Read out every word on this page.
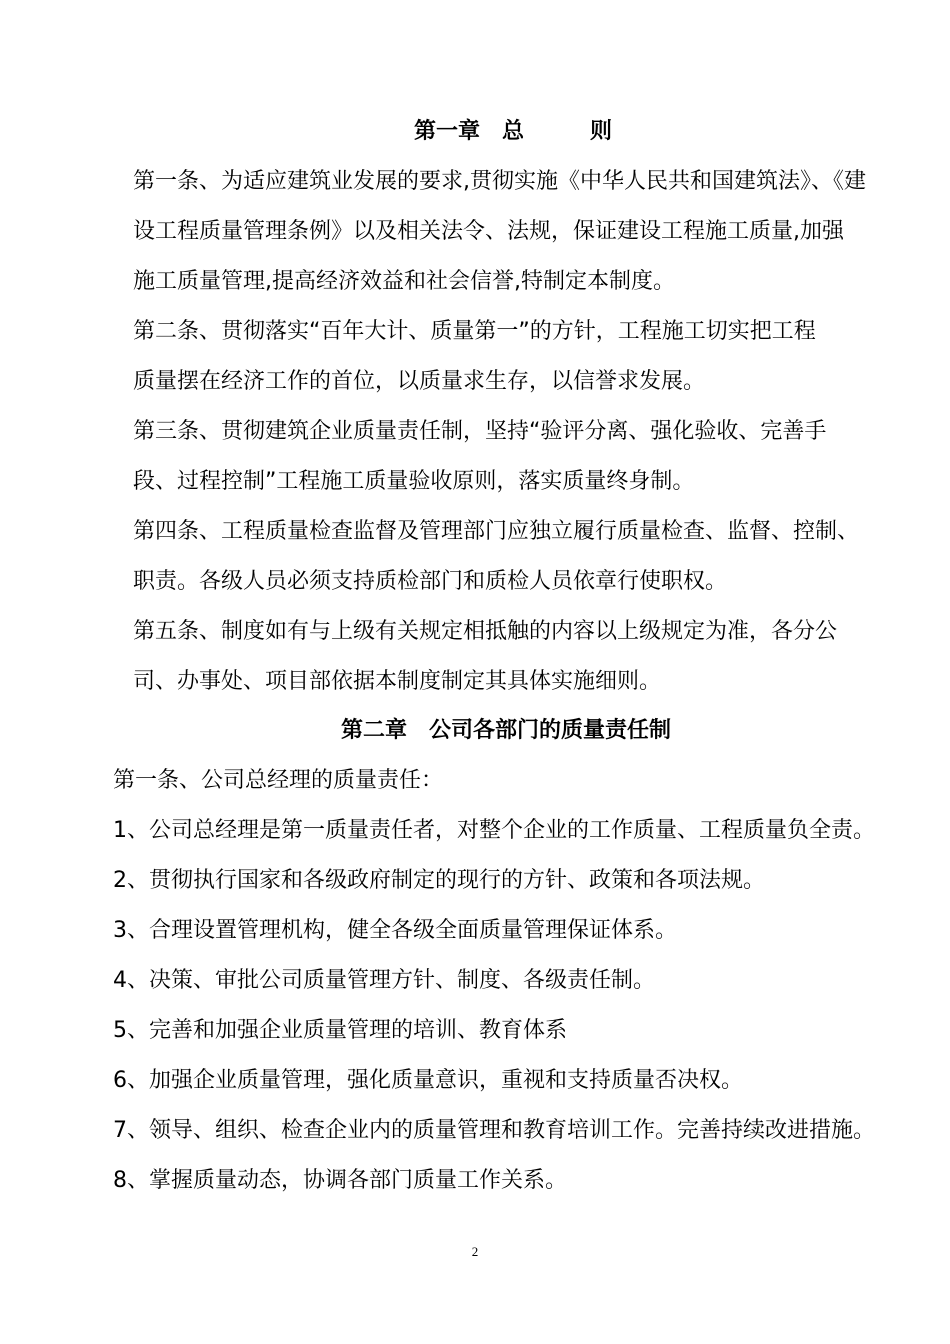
第一章　总　　　则
第一条、为适应建筑业发展的要求,贯彻实施《中华人民共和国建筑法》、《建
设工程质量管理条例》以及相关法令、法规，保证建设工程施工质量,加强
施工质量管理,提高经济效益和社会信誉,特制定本制度。
第二条、贯彻落实“百年大计、质量第一”的方针，工程施工切实把工程
质量摆在经济工作的首位，以质量求生存，以信誉求发展。
第三条、贯彻建筑企业质量责任制，坚持“验评分离、强化验收、完善手
段、过程控制”工程施工质量验收原则，落实质量终身制。
第四条、工程质量检查监督及管理部门应独立履行质量检查、监督、控制、
职责。各级人员必须支持质检部门和质检人员依章行使职权。
第五条、制度如有与上级有关规定相抵触的内容以上级规定为准，各分公
司、办事处、项目部依据本制度制定其具体实施细则。
第二章　公司各部门的质量责任制
第一条、公司总经理的质量责任：
1、公司总经理是第一质量责任者，对整个企业的工作质量、工程质量负全责。
2、贯彻执行国家和各级政府制定的现行的方针、政策和各项法规。
3、合理设置管理机构，健全各级全面质量管理保证体系。
4、决策、审批公司质量管理方针、制度、各级责任制。
5、完善和加强企业质量管理的培训、教育体系
6、加强企业质量管理，强化质量意识，重视和支持质量否决权。
7、领导、组织、检查企业内的质量管理和教育培训工作。完善持续改进措施。
8、掌握质量动态，协调各部门质量工作关系。
2
